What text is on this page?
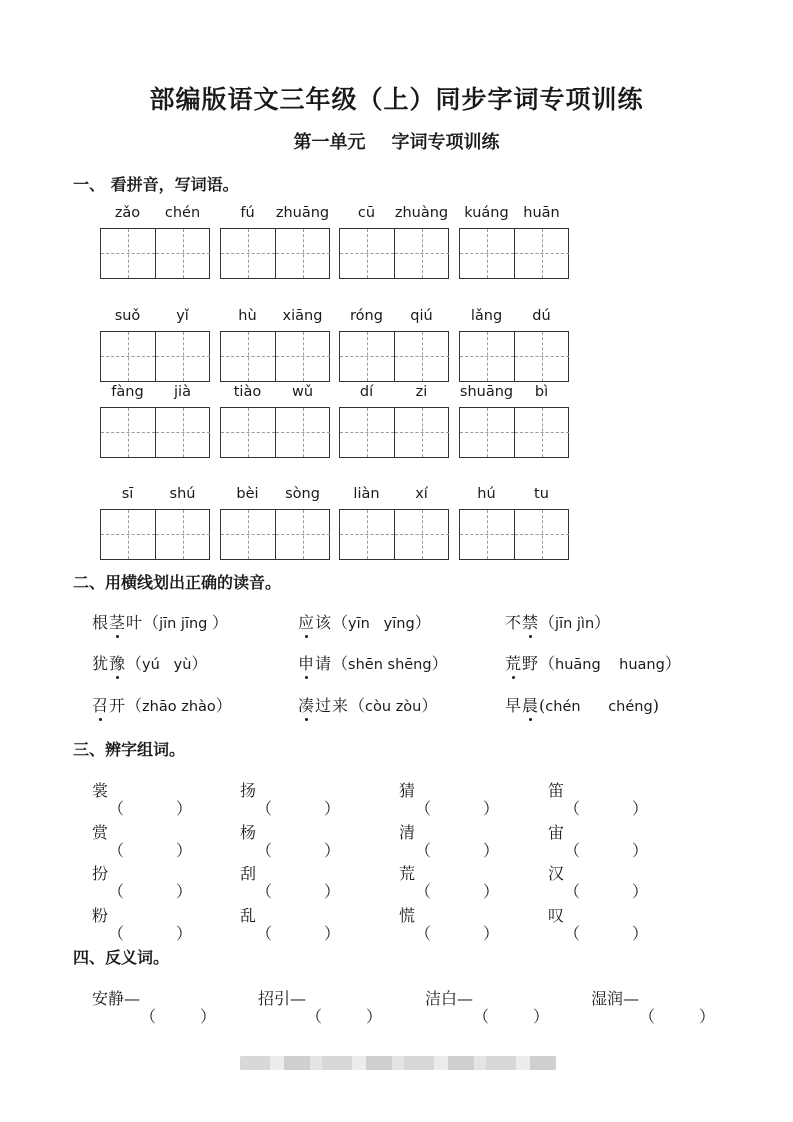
部编版语文三年级（上）同步字词专项训练
第一单元 字词专项训练
一、 看拼音，写词语。
zǎo	chén	fú	zhuāng	cū	zhuàng	kuáng	huān
suǒ	yǐ	hù	xiāng	róng	qiú	lǎng	dú
fàng	jià	tiào	wǔ	dí	zi	shuāng	bì
sī	shú	bèi	sòng	liàn	xí	hú	tu
二、用横线划出正确的读音。
根茎叶（jīn jīng ）	应该（yīn   yīng）	不禁（jīn jìn）
犹豫（yú   yù）	申请（shēn shēng）	荒野（huāng    huang）
召开（zhāo zhào）	凑过来（còu zòu）	早晨(chén      chéng)
三、辨字组词。
裳	扬	猜	笛
赏	杨	清	宙
扮	刮	荒	汉
粉	乱	慌	叹
四、反义词。
安静—	招引—	洁白—	湿润—
